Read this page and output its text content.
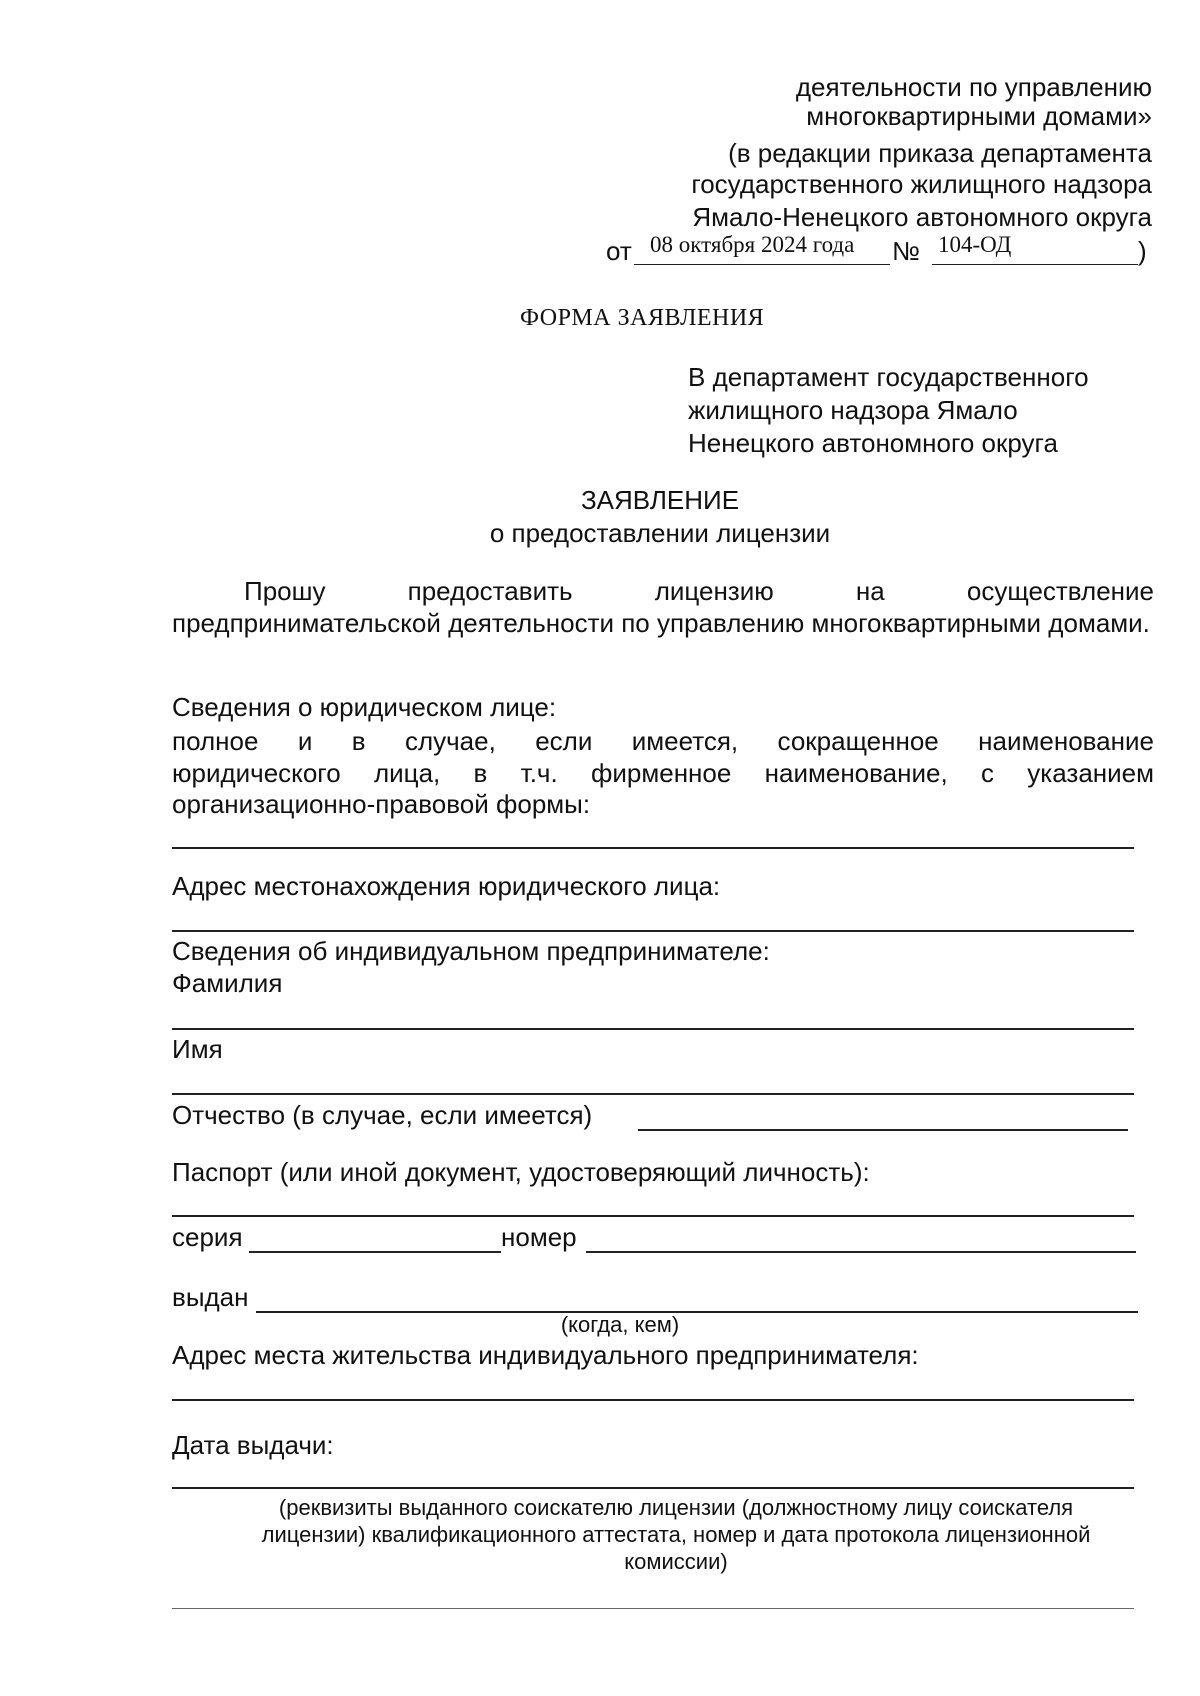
деятельности по управлению
многоквартирными домами»
(в редакции приказа департамента
государственного жилищного надзора
Ямало-Ненецкого автономного округа
от 08 октября 2024 года № 104-ОД	)
ФОРМА ЗАЯВЛЕНИЯ
В департамент государственного
жилищного надзора Ямало
Ненецкого автономного округа
ЗАЯВЛЕНИЕ
о предоставлении лицензии
Прошу предоставить лицензию на осуществление
предпринимательской деятельности по управлению многоквартирными домами.
Сведения о юридическом лице:
полное и в случае, если имеется, сокращенное наименование
юридического лица, в т.ч. фирменное наименование, с указанием
организационно-правовой формы:
Адрес местонахождения юридического лица:
Сведения об индивидуальном предпринимателе:
Фамилия
Имя
Отчество (в случае, если имеется)
Паспорт (или иной документ, удостоверяющий личность):
серия	номер
выдан
(когда, кем)
Адрес места жительства индивидуального предпринимателя:
Дата выдачи:
(реквизиты выданного соискателю лицензии (должностному лицу соискателя
лицензии) квалификационного аттестата, номер и дата протокола лицензионной
комиссии)
